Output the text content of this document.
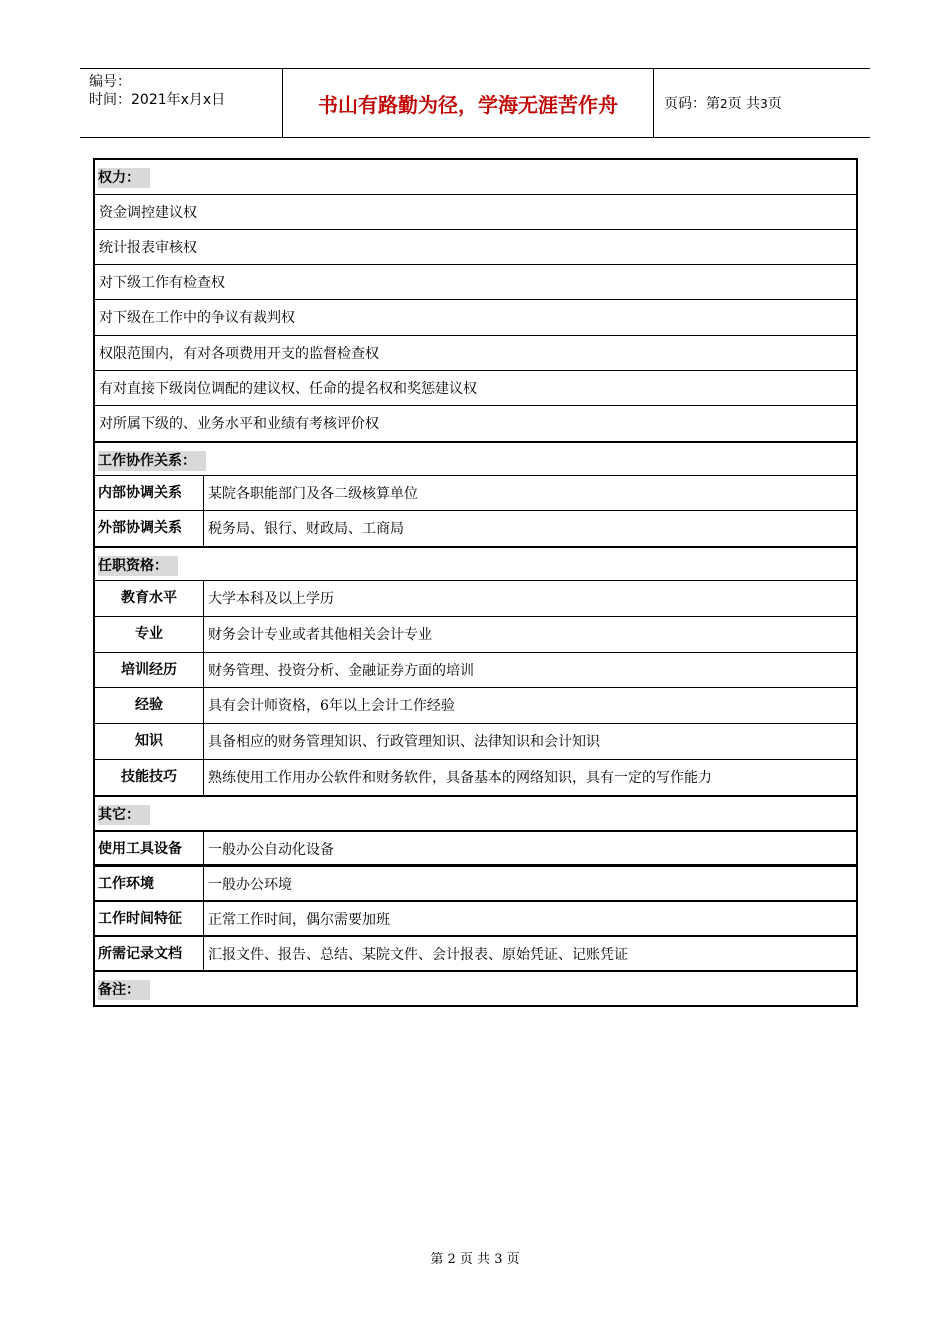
编号：
时间：2021年x月x日	书山有路勤为径，学海无涯苦作舟	页码：第2页 共3页
权力：
资金调控建议权
统计报表审核权
对下级工作有检查权
对下级在工作中的争议有裁判权
权限范围内，有对各项费用开支的监督检查权
有对直接下级岗位调配的建议权、任命的提名权和奖惩建议权
对所属下级的、业务水平和业绩有考核评价权
工作协作关系：
内部协调关系	某院各职能部门及各二级核算单位
外部协调关系	税务局、银行、财政局、工商局
任职资格：
教育水平	大学本科及以上学历
专业	财务会计专业或者其他相关会计专业
培训经历	财务管理、投资分析、金融证券方面的培训
经验	具有会计师资格，6年以上会计工作经验
知识	具备相应的财务管理知识、行政管理知识、法律知识和会计知识
技能技巧	熟练使用工作用办公软件和财务软件，具备基本的网络知识，具有一定的写作能力
其它：
使用工具设备	一般办公自动化设备
工作环境	一般办公环境
工作时间特征	正常工作时间，偶尔需要加班
所需记录文档	汇报文件、报告、总结、某院文件、会计报表、原始凭证、记账凭证
备注：
第 2 页 共 3 页
